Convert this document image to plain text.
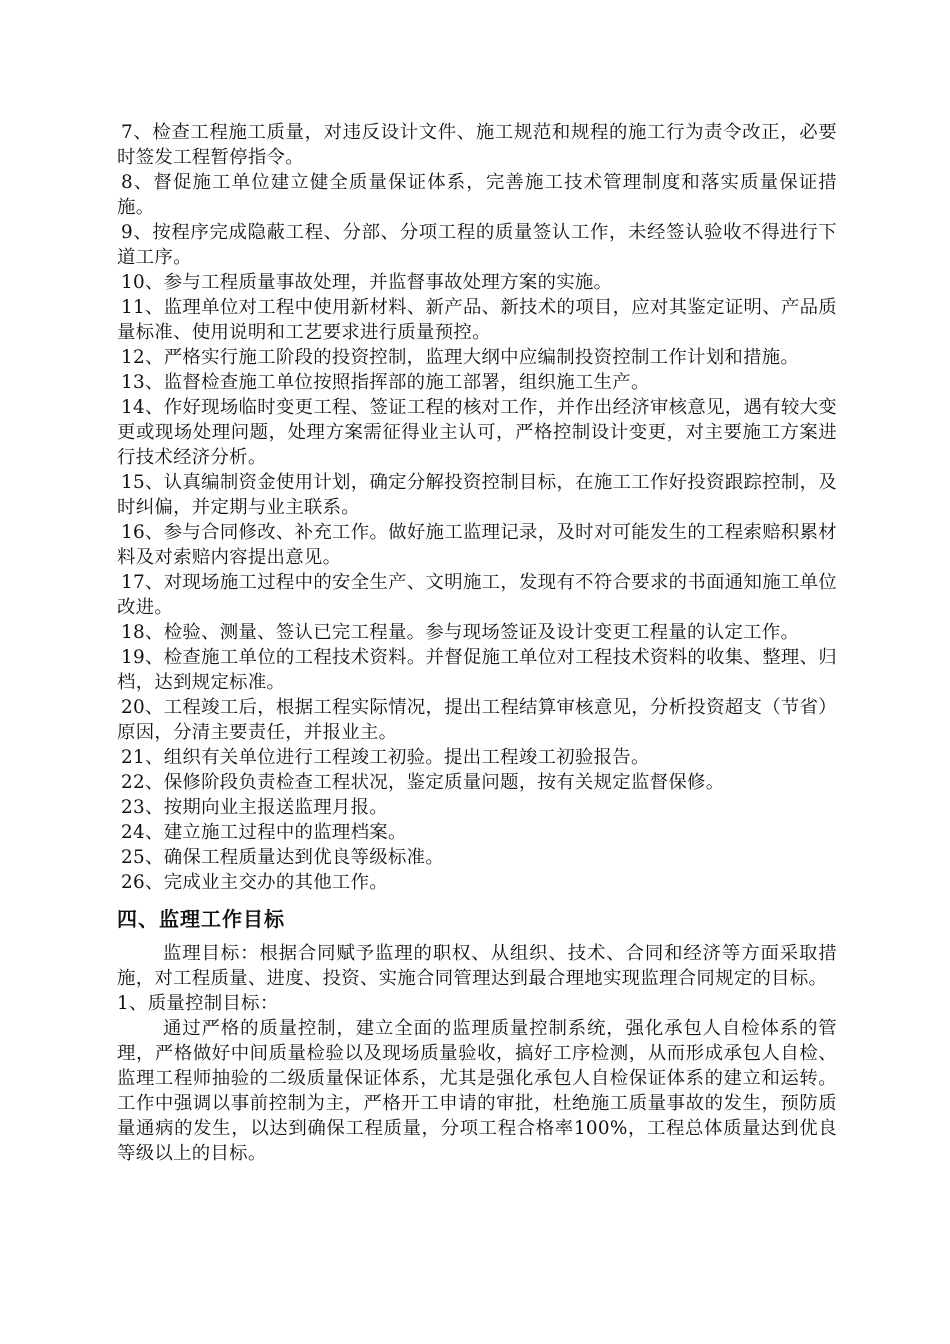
7、检查工程施工质量，对违反设计文件、施工规范和规程的施工行为责令改正，必要时签发工程暂停指令。

8、督促施工单位建立健全质量保证体系，完善施工技术管理制度和落实质量保证措施。

9、按程序完成隐蔽工程、分部、分项工程的质量签认工作，未经签认验收不得进行下道工序。

10、参与工程质量事故处理，并监督事故处理方案的实施。

11、监理单位对工程中使用新材料、新产品、新技术的项目，应对其鉴定证明、产品质量标准、使用说明和工艺要求进行质量预控。

12、严格实行施工阶段的投资控制，监理大纲中应编制投资控制工作计划和措施。

13、监督检查施工单位按照指挥部的施工部署，组织施工生产。

14、作好现场临时变更工程、签证工程的核对工作，并作出经济审核意见，遇有较大变更或现场处理问题，处理方案需征得业主认可，严格控制设计变更，对主要施工方案进行技术经济分析。

15、认真编制资金使用计划，确定分解投资控制目标，在施工工作好投资跟踪控制，及时纠偏，并定期与业主联系。

16、参与合同修改、补充工作。做好施工监理记录，及时对可能发生的工程索赔积累材料及对索赔内容提出意见。

17、对现场施工过程中的安全生产、文明施工，发现有不符合要求的书面通知施工单位改进。

18、检验、测量、签认已完工程量。参与现场签证及设计变更工程量的认定工作。

19、检查施工单位的工程技术资料。并督促施工单位对工程技术资料的收集、整理、归档，达到规定标准。

20、工程竣工后，根据工程实际情况，提出工程结算审核意见，分析投资超支（节省）原因，分清主要责任，并报业主。

21、组织有关单位进行工程竣工初验。提出工程竣工初验报告。

22、保修阶段负责检查工程状况，鉴定质量问题，按有关规定监督保修。

23、按期向业主报送监理月报。

24、建立施工过程中的监理档案。

25、确保工程质量达到优良等级标准。

26、完成业主交办的其他工作。

四、监理工作目标

监理目标：根据合同赋予监理的职权、从组织、技术、合同和经济等方面采取措施，对工程质量、进度、投资、实施合同管理达到最合理地实现监理合同规定的目标。

1、质量控制目标：

通过严格的质量控制，建立全面的监理质量控制系统，强化承包人自检体系的管理，严格做好中间质量检验以及现场质量验收，搞好工序检测，从而形成承包人自检、监理工程师抽验的二级质量保证体系，尤其是强化承包人自检保证体系的建立和运转。工作中强调以事前控制为主，严格开工申请的审批，杜绝施工质量事故的发生，预防质量通病的发生，以达到确保工程质量，分项工程合格率100%，工程总体质量达到优良等级以上的目标。
